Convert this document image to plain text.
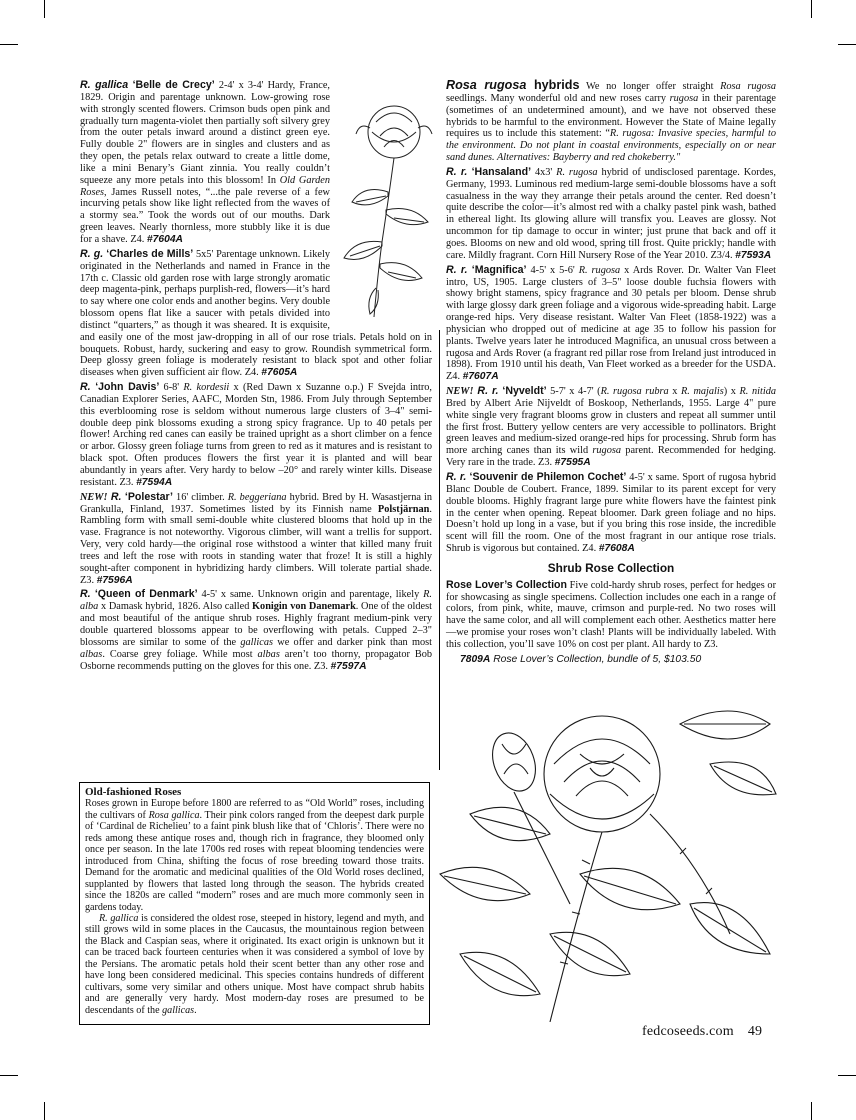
R. gallica ‘Belle de Crecy’ 2-4' x 3-4' Hardy, France, 1829. Origin and parentage unknown. Low-growing rose with strongly scented flowers. Crimson buds open pink and gradually turn magenta-violet then partially soft silvery grey from the outer petals inward around a distinct green eye. Fully double 2" flowers are in singles and clusters and as they open, the petals relax outward to create a little dome, like a mini Benary’s Giant zinnia. You really couldn’t squeeze any more petals into this blossom! In Old Garden Roses, James Russell notes, “...the pale reverse of a few incurving petals show like light reflected from the waves of a stormy sea.” Took the words out of our mouths. Dark green leaves. Nearly thornless, more stubbly like it is due for a shave. Z4. #7604A
R. g. ‘Charles de Mills’ 5x5' Parentage unknown. Likely originated in the Netherlands and named in France in the 17th c. Classic old garden rose with large strongly aromatic deep magenta-pink, perhaps purplish-red, flowers—it’s hard to say where one color ends and another begins. Very double blossom opens flat like a saucer with petals divided into distinct “quarters,” as though it was sheared. It is exquisite, and easily one of the most jaw-dropping in all of our rose trials. Petals hold on in bouquets. Robust, hardy, suckering and easy to grow. Roundish symmetrical form. Deep glossy green foliage is moderately resistant to black spot and other foliar diseases when given sufficient air flow. Z4. #7605A
R. ‘John Davis’ 6-8' R. kordesii x (Red Dawn x Suzanne o.p.) F Svejda intro, Canadian Explorer Series, AAFC, Morden Stn, 1986. From July through September this everblooming rose is seldom without numerous large clusters of 3–4" semi-double deep pink blossoms exuding a strong spicy fragrance. Up to 40 petals per flower! Arching red canes can easily be trained upright as a short climber on a fence or arbor. Glossy green foliage turns from green to red as it matures and is resistant to black spot. Often produces flowers the first year it is planted and will bear abundantly in years after. Very hardy to below –20° and rarely winter kills. Disease resistant. Z3. #7594A
NEW! R. ‘Polestar’ 16' climber. R. beggeriana hybrid. Bred by H. Wasastjerna in Grankulla, Finland, 1937. Sometimes listed by its Finnish name Polstjärnan. Rambling form with small semi-double white clustered blooms that hold up in the vase. Fragrance is not noteworthy. Vigorous climber, will want a trellis for support. Very, very cold hardy—the original rose withstood a winter that killed many fruit trees and left the rose with roots in standing water that froze! It is still a highly sought-after component in hybridizing hardy climbers. Will tolerate partial shade. Z3. #7596A
R. ‘Queen of Denmark’ 4-5' x same. Unknown origin and parentage, likely R. alba x Damask hybrid, 1826. Also called Konigin von Danemark. One of the oldest and most beautiful of the antique shrub roses. Highly fragrant medium-pink very double quartered blossoms appear to be overflowing with petals. Cupped 2–3" blossoms are similar to some of the gallicas we offer and darker pink than most albas. Coarse grey foliage. While most albas aren’t too thorny, propagator Bob Osborne recommends putting on the gloves for this one. Z3. #7597A
Rosa rugosa hybrids We no longer offer straight Rosa rugosa seedlings. Many wonderful old and new roses carry rugosa in their parentage (sometimes of an undetermined amount), and we have not observed these hybrids to be harmful to the environment. However the State of Maine legally requires us to include this statement: “R. rugosa: Invasive species, harmful to the environment. Do not plant in coastal environments, especially on or near sand dunes. Alternatives: Bayberry and red chokeberry."
R. r. ‘Hansaland’ 4x3' R. rugosa hybrid of undisclosed parentage. Kordes, Germany, 1993. Luminous red medium-large semi-double blossoms have a soft casualness in the way they arrange their petals around the center. Red doesn’t quite describe the color—it’s almost red with a chalky pastel pink wash, bathed in ethereal light. Its glowing allure will transfix you. Leaves are glossy. Not uncommon for tip damage to occur in winter; just prune that back and off it goes. Blooms on new and old wood, spring till frost. Quite prickly; handle with care. Mildly fragrant. Corn Hill Nursery Rose of the Year 2010. Z3/4. #7593A
R. r. ‘Magnifica’ 4-5' x 5-6' R. rugosa x Ards Rover. Dr. Walter Van Fleet intro, US, 1905. Large clusters of 3–5" loose double fuchsia flowers with showy bright stamens, spicy fragrance and 30 petals per bloom. Dense shrub with large glossy dark green foliage and a vigorous wide-spreading habit. Large orange-red hips. Very disease resistant. Walter Van Fleet (1858-1922) was a physician who dropped out of medicine at age 35 to follow his passion for plants. Twelve years later he introduced Magnifica, an unusual cross between a rugosa and Ards Rover (a fragrant red pillar rose from Ireland just introduced in 1898). From 1910 until his death, Van Fleet worked as a breeder for the USDA. Z4. #7607A
NEW! R. r. ‘Nyveldt’ 5-7' x 4-7' (R. rugosa rubra x R. majalis) x R. nitida Bred by Albert Arie Nijveldt of Boskoop, Netherlands, 1955. Large 4" pure white single very fragrant blooms grow in clusters and repeat all summer until the first frost. Buttery yellow centers are very accessible to pollinators. Bright green leaves and medium-sized orange-red hips for processing. Shrub form has more arching canes than its wild rugosa parent. Recommended for hedging. Very rare in the trade. Z3. #7595A
R. r. ‘Souvenir de Philemon Cochet’ 4-5' x same. Sport of rugosa hybrid Blanc Double de Coubert. France, 1899. Similar to its parent except for very double blooms. Highly fragrant large pure white flowers have the faintest pink in the center when opening. Repeat bloomer. Dark green foliage and no hips. Doesn’t hold up long in a vase, but if you bring this rose inside, the incredible scent will fill the room. One of the most fragrant in our antique rose trials. Shrub is vigorous but contained. Z4. #7608A
Shrub Rose Collection
Rose Lover’s Collection Five cold-hardy shrub roses, perfect for hedges or for showcasing as single specimens. Collection includes one each in a range of colors, from pink, white, mauve, crimson and purple-red. No two roses will have the same color, and all will complement each other. Aesthetics matter here—we promise your roses won’t clash! Plants will be individually labeled. With this collection, you’ll save 10% on cost per plant. All hardy to Z3.
7809A Rose Lover’s Collection, bundle of 5, $103.50
Old-fashioned Roses
Roses grown in Europe before 1800 are referred to as “Old World” roses, including the cultivars of Rosa gallica. Their pink colors ranged from the deepest dark purple of ‘Cardinal de Richelieu’ to a faint pink blush like that of ‘Chloris’. There were no reds among these antique roses and, though rich in fragrance, they bloomed only once per season. In the late 1700s red roses with repeat blooming tendencies were introduced from China, shifting the focus of rose breeding toward those traits. Demand for the aromatic and medicinal qualities of the Old World roses declined, supplanted by flowers that lasted long through the season. The hybrids created since the 1820s are called “modern” roses and are much more commonly seen in gardens today.
R. gallica is considered the oldest rose, steeped in history, legend and myth, and still grows wild in some places in the Caucasus, the mountainous region between the Black and Caspian seas, where it originated. Its exact origin is unknown but it can be traced back fourteen centuries when it was considered a symbol of love by the Persians. The aromatic petals hold their scent better than any other rose and have long been considered medicinal. This species contains hundreds of different cultivars, some very similar and others unique. Most have compact shrub habits and are generally very hardy. Most modern-day roses are presumed to be descendants of the gallicas.
fedcoseeds.com 49
